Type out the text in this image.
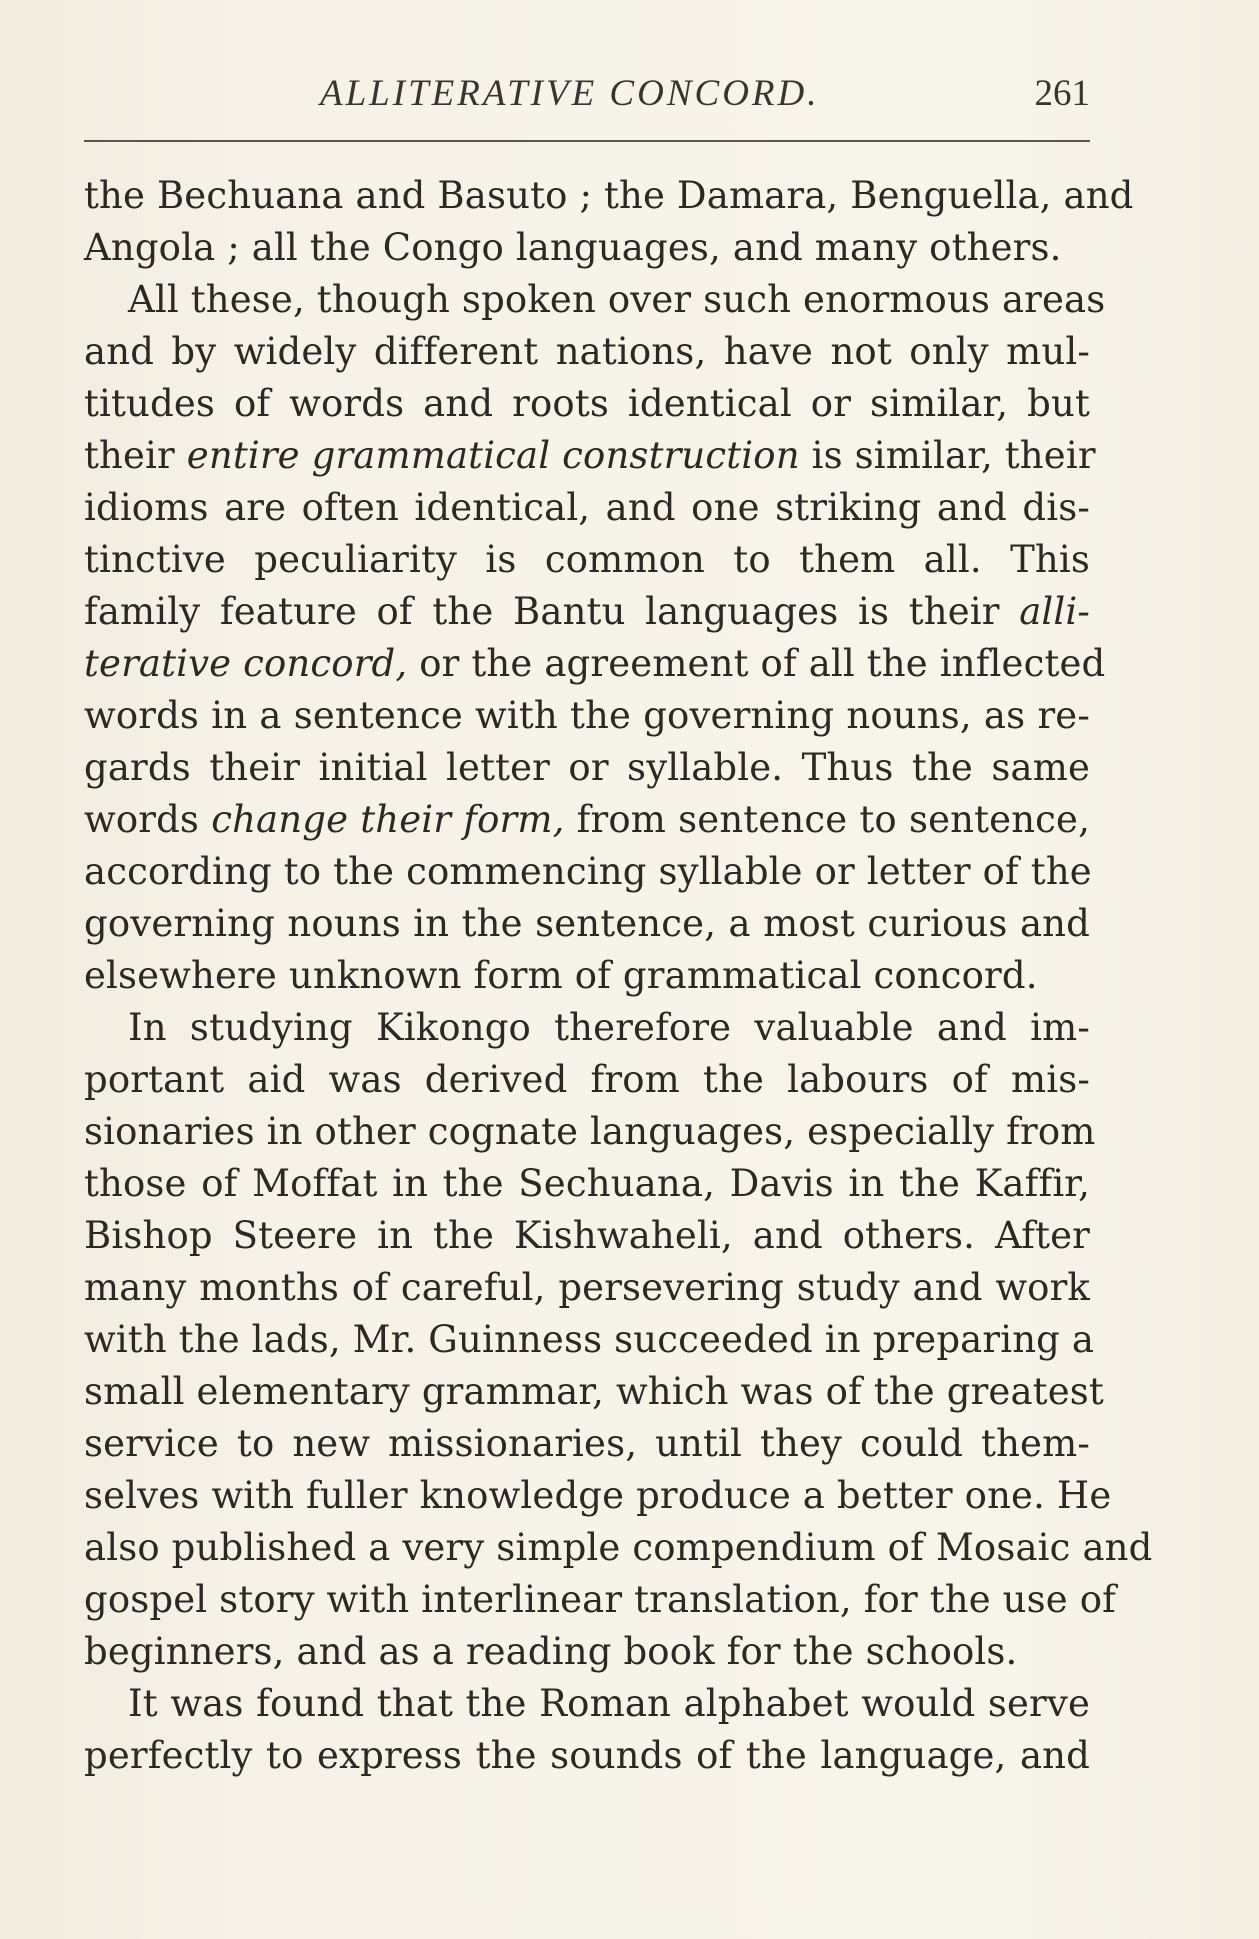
ALLITERATIVE CONCORD.	261
the Bechuana and Basuto ; the Damara, Benguella, and
Angola ; all the Congo languages, and many others.
All these, though spoken over such enormous areas
and by widely different nations, have not only mul-
titudes of words and roots identical or similar, but
their entire grammatical construction is similar, their
idioms are often identical, and one striking and dis-
tinctive peculiarity is common to them all. This
family feature of the Bantu languages is their alli-
terative concord, or the agreement of all the inflected
words in a sentence with the governing nouns, as re-
gards their initial letter or syllable. Thus the same
words change their form, from sentence to sentence,
according to the commencing syllable or letter of the
governing nouns in the sentence, a most curious and
elsewhere unknown form of grammatical concord.
In studying Kikongo therefore valuable and im-
portant aid was derived from the labours of mis-
sionaries in other cognate languages, especially from
those of Moffat in the Sechuana, Davis in the Kaffir,
Bishop Steere in the Kishwaheli, and others. After
many months of careful, persevering study and work
with the lads, Mr. Guinness succeeded in preparing a
small elementary grammar, which was of the greatest
service to new missionaries, until they could them-
selves with fuller knowledge produce a better one. He
also published a very simple compendium of Mosaic and
gospel story with interlinear translation, for the use of
beginners, and as a reading book for the schools.
It was found that the Roman alphabet would serve
perfectly to express the sounds of the language, and
